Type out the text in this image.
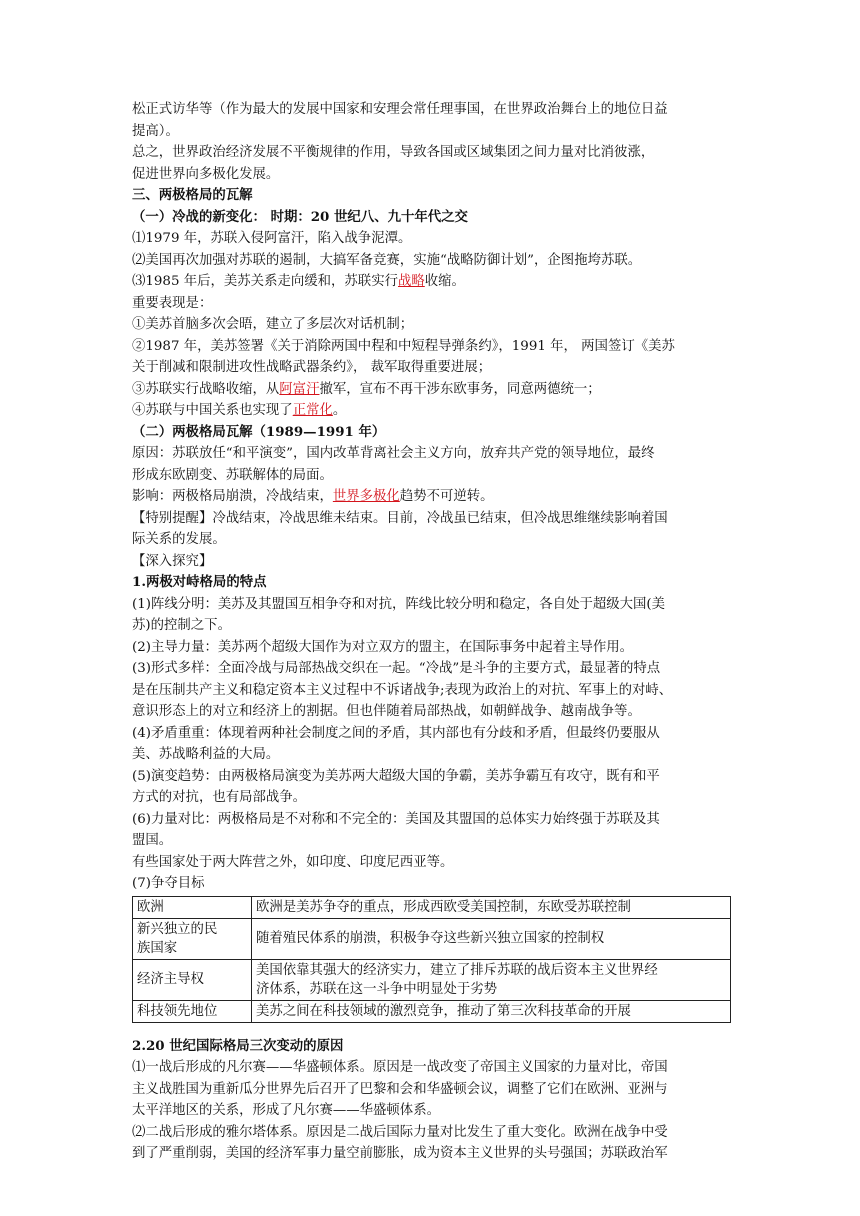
松正式访华等（作为最大的发展中国家和安理会常任理事国，在世界政治舞台上的地位日益
提高）。
总之，世界政治经济发展不平衡规律的作用，导致各国或区域集团之间力量对比消彼涨，
促进世界向多极化发展。
三、两极格局的瓦解
（一）冷战的新变化： 时期：20 世纪八、九十年代之交
⑴1979 年，苏联入侵阿富汗，陷入战争泥潭。
⑵美国再次加强对苏联的遏制，大搞军备竞赛，实施“战略防御计划”，企图拖垮苏联。
⑶1985 年后，美苏关系走向缓和，苏联实行战略收缩。
重要表现是：
①美苏首脑多次会晤，建立了多层次对话机制；
②1987 年，美苏签署《关于消除两国中程和中短程导弹条约》，1991 年， 两国签订《美苏
关于削减和限制进攻性战略武器条约》， 裁军取得重要进展；
③苏联实行战略收缩，从阿富汗撤军，宣布不再干涉东欧事务，同意两德统一；
④苏联与中国关系也实现了正常化。
（二）两极格局瓦解（1989—1991 年）
原因：苏联放任“和平演变”，国内改革背离社会主义方向，放弃共产党的领导地位，最终
形成东欧剧变、苏联解体的局面。
影响：两极格局崩溃，冷战结束，世界多极化趋势不可逆转。
【特别提醒】冷战结束，冷战思维未结束。目前，冷战虽已结束，但冷战思维继续影响着国
际关系的发展。
【深入探究】
1.两极对峙格局的特点
(1)阵线分明：美苏及其盟国互相争夺和对抗，阵线比较分明和稳定，各自处于超级大国(美
苏)的控制之下。
(2)主导力量：美苏两个超级大国作为对立双方的盟主，在国际事务中起着主导作用。
(3)形式多样：全面冷战与局部热战交织在一起。“冷战”是斗争的主要方式，最显著的特点
是在压制共产主义和稳定资本主义过程中不诉诸战争;表现为政治上的对抗、军事上的对峙、
意识形态上的对立和经济上的割据。但也伴随着局部热战，如朝鲜战争、越南战争等。
(4)矛盾重重：体现着两种社会制度之间的矛盾，其内部也有分歧和矛盾，但最终仍要服从
美、苏战略利益的大局。
(5)演变趋势：由两极格局演变为美苏两大超级大国的争霸，美苏争霸互有攻守，既有和平
方式的对抗，也有局部战争。
(6)力量对比：两极格局是不对称和不完全的：美国及其盟国的总体实力始终强于苏联及其
盟国。
有些国家处于两大阵营之外，如印度、印度尼西亚等。
(7)争夺目标
欧洲	欧洲是美苏争夺的重点，形成西欧受美国控制，东欧受苏联控制

新兴独立的民
族国家	随着殖民体系的崩溃，积极争夺这些新兴独立国家的控制权

经济主导权	美国依靠其强大的经济实力，建立了排斥苏联的战后资本主义世界经
济体系，苏联在这一斗争中明显处于劣势

科技领先地位	美苏之间在科技领域的激烈竞争，推动了第三次科技革命的开展
2.20 世纪国际格局三次变动的原因
⑴一战后形成的凡尔赛——华盛顿体系。原因是一战改变了帝国主义国家的力量对比，帝国
主义战胜国为重新瓜分世界先后召开了巴黎和会和华盛顿会议，调整了它们在欧洲、亚洲与
太平洋地区的关系，形成了凡尔赛——华盛顿体系。
⑵二战后形成的雅尔塔体系。原因是二战后国际力量对比发生了重大变化。欧洲在战争中受
到了严重削弱，美国的经济军事力量空前膨胀，成为资本主义世界的头号强国；苏联政治军
